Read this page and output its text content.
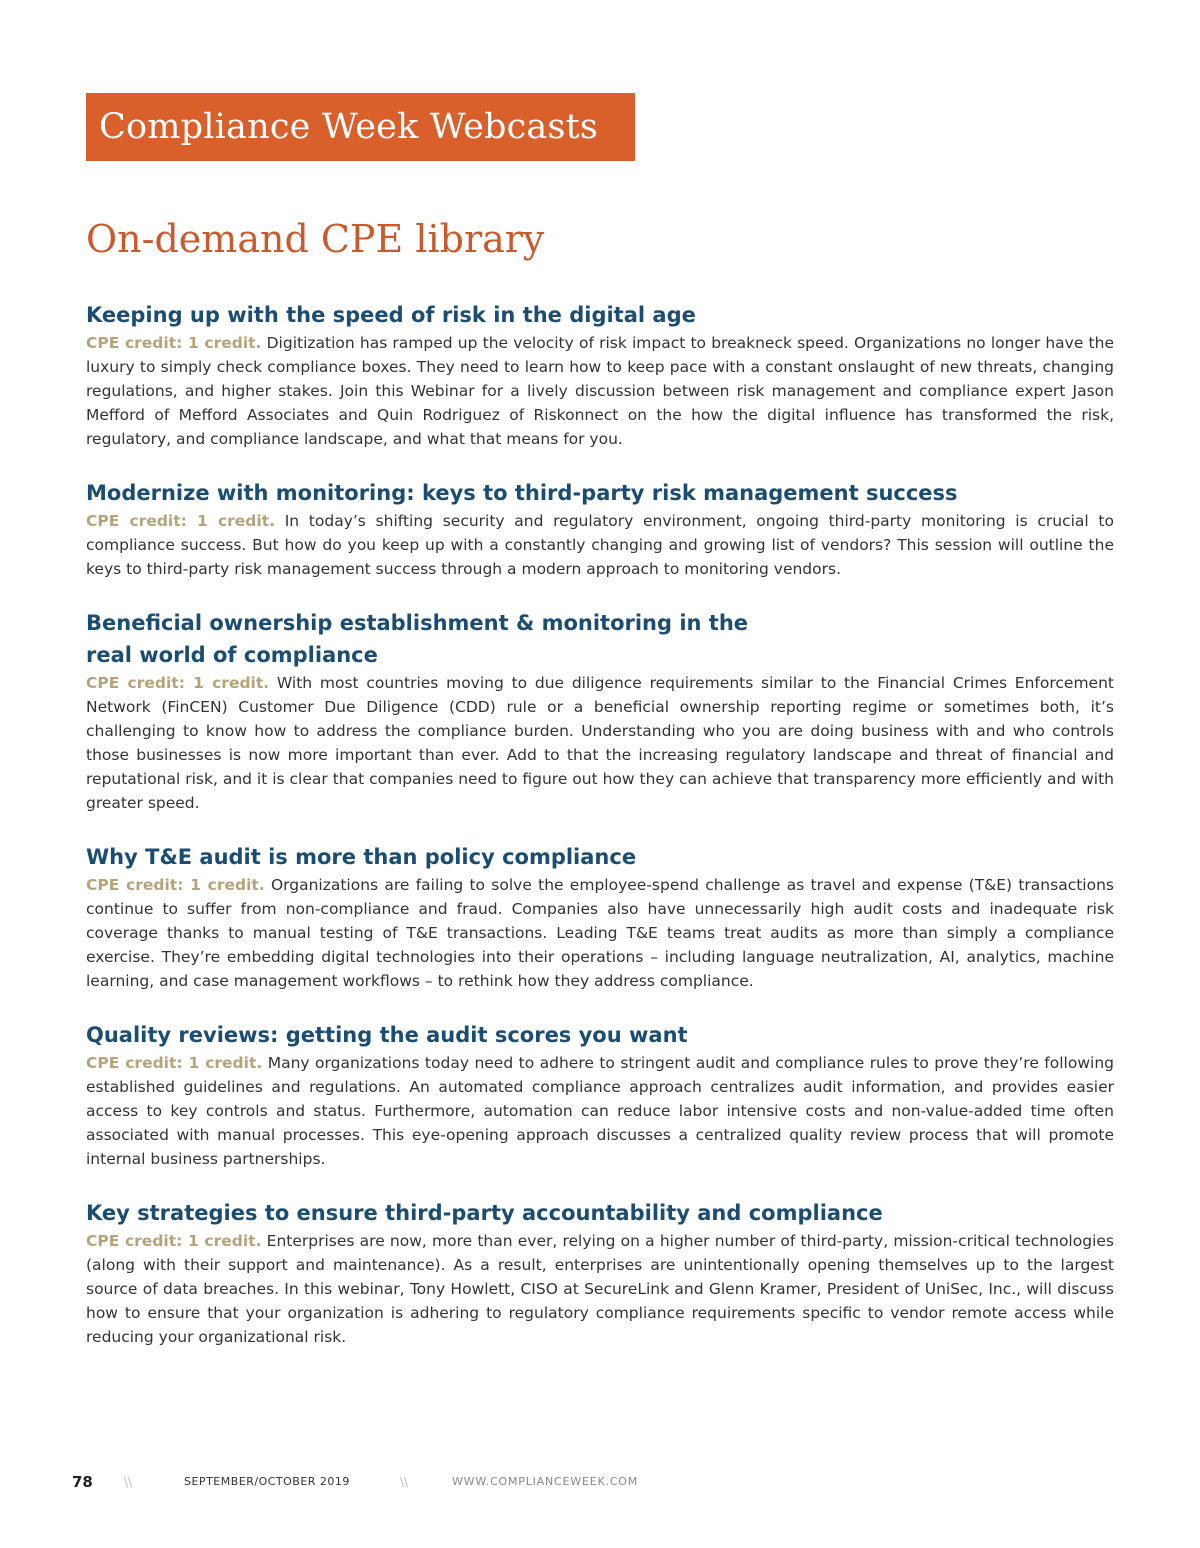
Compliance Week Webcasts
On-demand CPE library
Keeping up with the speed of risk in the digital age

CPE credit: 1 credit. Digitization has ramped up the velocity of risk impact to breakneck speed. Organizations no longer have the luxury to simply check compliance boxes. They need to learn how to keep pace with a constant onslaught of new threats, changing regulations, and higher stakes. Join this Webinar for a lively discussion between risk management and compliance expert Jason Mefford of Mefford Associates and Quin Rodriguez of Riskonnect on the how the digital influence has transformed the risk, regulatory, and compliance landscape, and what that means for you.

Modernize with monitoring: keys to third-party risk management success

CPE credit: 1 credit. In today’s shifting security and regulatory environment, ongoing third-party monitoring is crucial to compliance success. But how do you keep up with a constantly changing and growing list of vendors? This session will outline the keys to third-party risk management success through a modern approach to monitoring vendors.

Beneficial ownership establishment & monitoring in the real world of compliance

CPE credit: 1 credit. With most countries moving to due diligence requirements similar to the Financial Crimes Enforcement Network (FinCEN) Customer Due Diligence (CDD) rule or a beneficial ownership reporting regime or sometimes both, it’s challenging to know how to address the compliance burden. Understanding who you are doing business with and who controls those businesses is now more important than ever. Add to that the increasing regulatory landscape and threat of financial and reputational risk, and it is clear that companies need to figure out how they can achieve that transparency more efficiently and with greater speed.

Why T&E audit is more than policy compliance

CPE credit: 1 credit. Organizations are failing to solve the employee-spend challenge as travel and expense (T&E) transactions continue to suffer from non-compliance and fraud. Companies also have unnecessarily high audit costs and inadequate risk coverage thanks to manual testing of T&E transactions. Leading T&E teams treat audits as more than simply a compliance exercise. They’re embedding digital technologies into their operations – including language neutralization, AI, analytics, machine learning, and case management workflows – to rethink how they address compliance.

Quality reviews: getting the audit scores you want

CPE credit: 1 credit. Many organizations today need to adhere to stringent audit and compliance rules to prove they’re following established guidelines and regulations. An automated compliance approach centralizes audit information, and provides easier access to key controls and status. Furthermore, automation can reduce labor intensive costs and non-value-added time often associated with manual processes. This eye-opening approach discusses a centralized quality review process that will promote internal business partnerships.

Key strategies to ensure third-party accountability and compliance

CPE credit: 1 credit. Enterprises are now, more than ever, relying on a higher number of third-party, mission-critical technologies (along with their support and maintenance). As a result, enterprises are unintentionally opening themselves up to the largest source of data breaches. In this webinar, Tony Howlett, CISO at SecureLink and Glenn Kramer, President of UniSec, Inc., will discuss how to ensure that your organization is adhering to regulatory compliance requirements specific to vendor remote access while reducing your organizational risk.

78	\\	SEPTEMBER/OCTOBER 2019	\\	WWW.COMPLIANCEWEEK.COM
